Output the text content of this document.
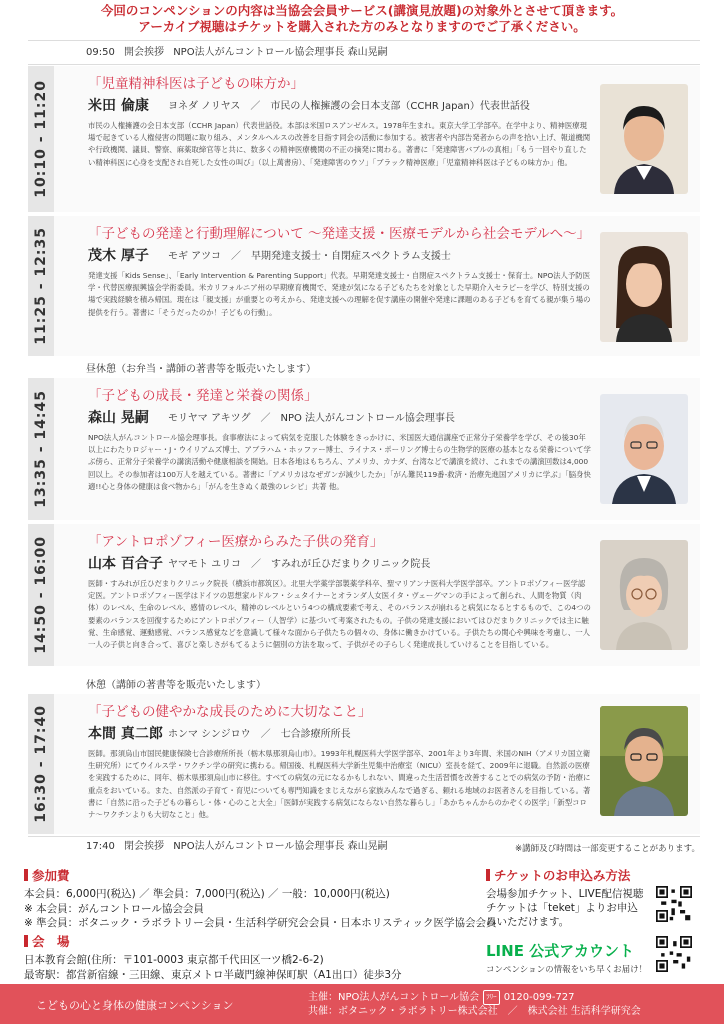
今回のコンペンションの内容は当協会会員サービス(講演見放題)の対象外とさせて頂きます。
アーカイブ視聴はチケットを購入された方のみとなりますのでご了承ください。
09:50 開会挨拶 NPO法人がんコントロール協会理事長 森山晃嗣
10:10 - 11:20	「児童精神科医は子どもの味方か」
米田 倫康 ヨネダ ノリヤス　／　市民の人権擁護の会日本支部（CCHR Japan）代表世話役
市民の人権擁護の会日本支部（CCHR Japan）代表世話役。本部は米国ロスアンゼルス。1978年生まれ。東京大学工学部卒。在学中より、精神医療現場で起きている人権侵害の問題に取り組み、メンタルヘルスの改善を目指す同会の活動に参加する。被害者や内部告発者からの声を拾い上げ、報道機関や行政機関、議員、警察、麻薬取締官等と共に、数多くの精神医療機関の不正の摘発に関わる。著書に「発達障害バブルの真相」「もう一回やり直したい精神科医に心身を支配され自死した女性の叫び」（以上萬書房）、「発達障害のウソ」「ブラック精神医療」「児童精神科医は子どもの味方か」他。
11:25 - 12:35	「子どもの発達と行動理解について 〜発達支援・医療モデルから社会モデルへ〜」
茂木 厚子 モギ アツコ　／　早期発達支援士・自閉症スペクトラム支援士
発達支援「Kids Sense」、「Early Intervention & Parenting Support」代表。早期発達支援士・自閉症スペクトラム支援士・保育士。NPO法人予防医学・代替医療振興協会学術委員。米カリフォルニア州の早期療育機関で、発達が気になる子どもたちを対象とした早期介入セラピーを学び、特別支援の場で実践経験を積み帰国。現在は「親支援」が重要との考えから、発達支援への理解を促す講座の開催や発達に課題のある子どもを育てる親が集う場の提供を行う。著書に「そうだったのか！子どもの行動」。
昼休憩（お弁当・講師の著書等を販売いたします）
13:35 - 14:45	「子どもの成長・発達と栄養の関係」
森山 晃嗣 モリヤマ アキツグ　／　NPO 法人がんコントロール協会理事長
NPO法人がんコントロール協会理事長。食事療法によって病気を克服した体験をきっかけに、米国医大通信講座で正常分子栄養学を学び、その後30年以上にわたりロジャー・J・ウイリアムズ博士、アブラハム・ホッファー博士、ライナス・ポーリング博士らの生物学的医療の基本となる栄養について学ぶ傍ら、正常分子栄養学の講演活動や健康相談を開始。日本各地はもちろん、アメリカ、カナダ、台湾などで講演を続け、これまでの講演回数は4,000回以上。その参加者は100万人を越えている。著書に「アメリカはなぜガンが減少したか」「がん難民119番-救済・治療先進国アメリカに学ぶ」「脳身快適!!心と身体の健康は食べ物から」「がんを生きぬく最強のレシピ」共著 他。
14:50 - 16:00	「アントロポゾフィー医療からみた子供の発育」
山本 百合子 ヤマモト ユリコ　／　すみれが丘ひだまりクリニック院長
医師・すみれが丘ひだまりクリニック院長（横浜市都筑区）。北里大学薬学部製薬学科卒、聖マリアンナ医科大学医学部卒。アントロポゾフィー医学認定医。アントロポゾフィー医学はドイツの思想家ルドルフ・シュタイナーとオランダ人女医イタ・ヴェーグマンの手によって創られ、人間を物質（肉体）のレベル、生命のレベル、感情のレベル、精神のレベルという4つの構成要素で考え、そのバランスが崩れると病気になるとするもので、この4つの要素のバランスを回復するためにアントロポゾフィー（人智学）に基づいて考案されたもの。子供の発達支援においてはひだまりクリニックでは主に触覚、生命感覚、運動感覚、バランス感覚などを意識して様々な面から子供たちの個々の、身体に働きかけている。子供たちの関心や興味を考慮し、一人一人の子供と向き合って、喜びと楽しさがもてるように個別の方法を取って、子供がその子らしく発達成長していけることを目指している。
休憩（講師の著書等を販売いたします）
16:30 - 17:40	「子どもの健やかな成長のために大切なこと」
本間 真二郎 ホンマ シンジロウ　／　七合診療所所長
医師。那須烏山市国民健康保険七合診療所所長（栃木県那須烏山市）。1993年札幌医科大学医学部卒、2001年より3年間、米国のNIH（アメリカ国立衛生研究所）にてウイルス学・ワクチン学の研究に携わる。帰国後、札幌医科大学新生児集中治療室（NICU）室長を経て、2009年に退職。自然派の医療を実践するために、同年、栃木県那須烏山市に移住。すべての病気の元になるかもしれない、間違った生活習慣を改善することでの病気の予防・治療に重点をおいている。また、自然派の子育て・育児についても専門知識をまじえながら家族みんなで過ぎる、頼れる地域のお医者さんを目指している。著書に「自然に沿った子どもの暮らし・体・心のこと大全」「医師が実践する病気にならない自然な暮らし」「あかちゃんからのかぞくの医学」「新型コロナ〜ワクチンよりも大切なこと」他。
17:40 閉会挨拶 NPO法人がんコントロール協会理事長 森山晃嗣	※講師及び時間は一部変更することがあります。
参加費
本会員：6,000円(税込) ／ 準会員：7,000円(税込) ／ 一般：10,000円(税込)
※ 本会員：がんコントロール協会会員
※ 準会員：ボタニック・ラボラトリー会員・生活科学研究会会員・日本ホリスティック医学協会会員
会　場
日本教育会館(住所：〒101-0003 東京都千代田区一ツ橋2-6-2)
最寄駅：都営新宿線・三田線、東京メトロ半蔵門線神保町駅（A1出口）徒歩3分
チケットのお申込み方法
会場参加チケット、LIVE配信視聴チケットは「teket」よりお申込みいただけます。
LINE 公式アカウント
コンペンションの情報をいち早くお届け！
こどもの心と身体の健康コンペンション
主催：NPO法人がんコントロール協会 ﾌﾘｰ 0120-099-727
共催：ボタニック・ラボラトリー株式会社　／　株式会社 生活科学研究会
